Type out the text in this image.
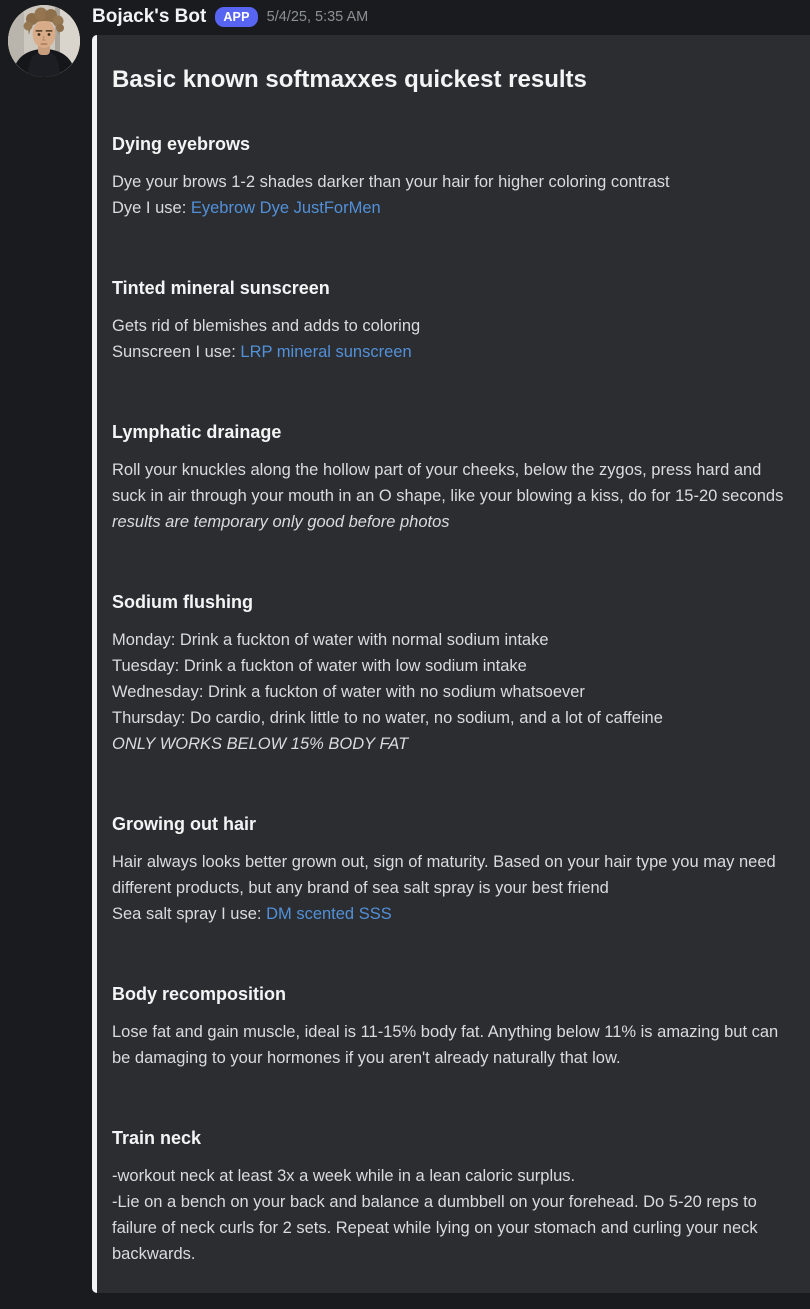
Bojack's Bot	APP	5/4/25, 5:35 AM
Basic known softmaxxes quickest results
Dying eyebrows
Dye your brows 1-2 shades darker than your hair for higher coloring contrast
Dye I use: Eyebrow Dye JustForMen
Tinted mineral sunscreen
Gets rid of blemishes and adds to coloring
Sunscreen I use: LRP mineral sunscreen
Lymphatic drainage
Roll your knuckles along the hollow part of your cheeks, below the zygos, press hard and suck in air through your mouth in an O shape, like your blowing a kiss, do for 15-20 seconds
results are temporary only good before photos
Sodium flushing
Monday: Drink a fuckton of water with normal sodium intake
Tuesday: Drink a fuckton of water with low sodium intake
Wednesday: Drink a fuckton of water with no sodium whatsoever
Thursday: Do cardio, drink little to no water, no sodium, and a lot of caffeine
ONLY WORKS BELOW 15% BODY FAT
Growing out hair
Hair always looks better grown out, sign of maturity. Based on your hair type you may need different products, but any brand of sea salt spray is your best friend
Sea salt spray I use: DM scented SSS
Body recomposition
Lose fat and gain muscle, ideal is 11-15% body fat. Anything below 11% is amazing but can be damaging to your hormones if you aren't already naturally that low.
Train neck
-workout neck at least 3x a week while in a lean caloric surplus.
-Lie on a bench on your back and balance a dumbbell on your forehead. Do 5-20 reps to failure of neck curls for 2 sets. Repeat while lying on your stomach and curling your neck backwards.
